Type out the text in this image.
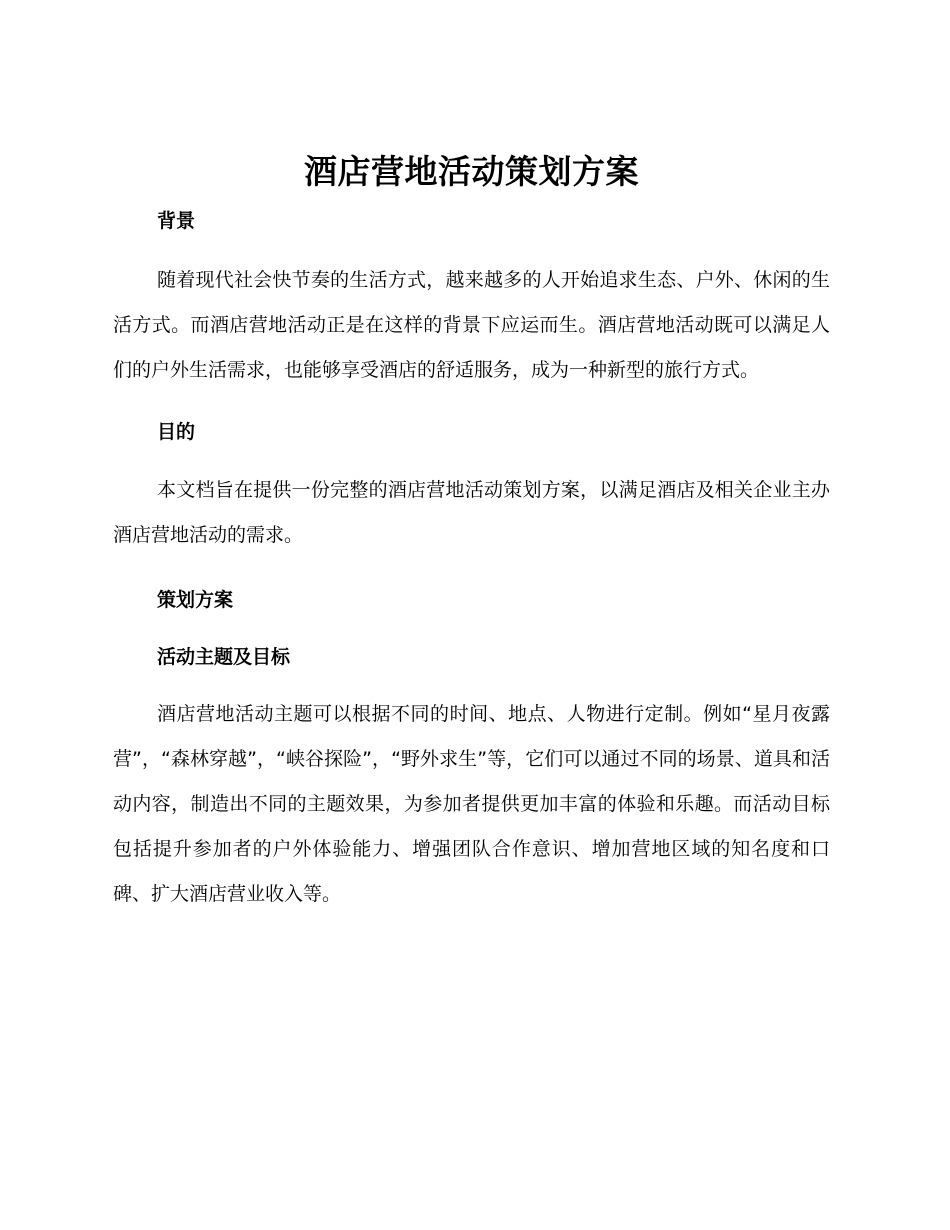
酒店营地活动策划方案
背景

随着现代社会快节奏的生活方式，越来越多的人开始追求生态、户外、休闲的生活方式。而酒店营地活动正是在这样的背景下应运而生。酒店营地活动既可以满足人们的户外生活需求，也能够享受酒店的舒适服务，成为一种新型的旅行方式。

目的

本文档旨在提供一份完整的酒店营地活动策划方案，以满足酒店及相关企业主办酒店营地活动的需求。

策划方案
活动主题及目标

酒店营地活动主题可以根据不同的时间、地点、人物进行定制。例如“星月夜露营”，“森林穿越”，“峡谷探险”，“野外求生”等，它们可以通过不同的场景、道具和活动内容，制造出不同的主题效果，为参加者提供更加丰富的体验和乐趣。而活动目标包括提升参加者的户外体验能力、增强团队合作意识、增加营地区域的知名度和口碑、扩大酒店营业收入等。
